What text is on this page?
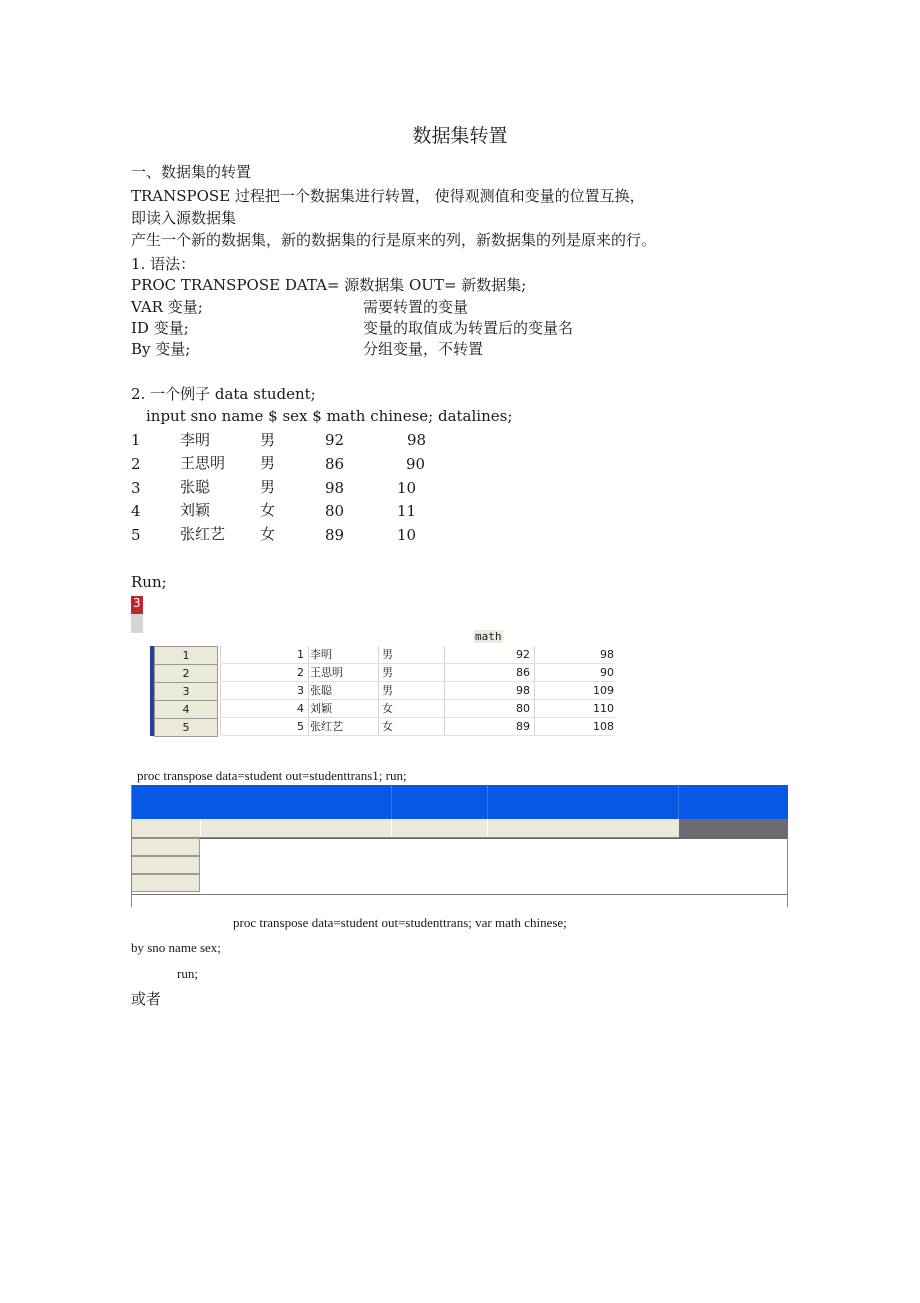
数据集转置
一、数据集的转置
TRANSPOSE 过程把一个数据集进行转置， 使得观测值和变量的位置互换，
即读入源数据集
产生一个新的数据集，新的数据集的行是原来的列，新数据集的列是原来的行。
1. 语法：
PROC TRANSPOSE DATA= 源数据集 OUT= 新数据集;
VAR 变量;	需要转置的变量
ID 变量;	变量的取值成为转置后的变量名
By 变量;	分组变量，不转置
2. 一个例子 data student;
input sno name $ sex $ math chinese; datalines;
1	李明	男	92	98
2	王思明 男	86	90
3	张聪	男	98	10
4	刘颖	女	80	11
5	张红艺 女	89	10
Run;
3
math
1	1 李明	男	92	98
2	2 王思明	男	86	90
3	3 张聪	男	98	109
4	4 刘颖	女	80	110
5	5 张红艺	女	89	108
proc transpose data=student out=studenttrans1; run;
proc transpose data=student out=studenttrans; var math chinese;
by sno name sex;
run;
或者
